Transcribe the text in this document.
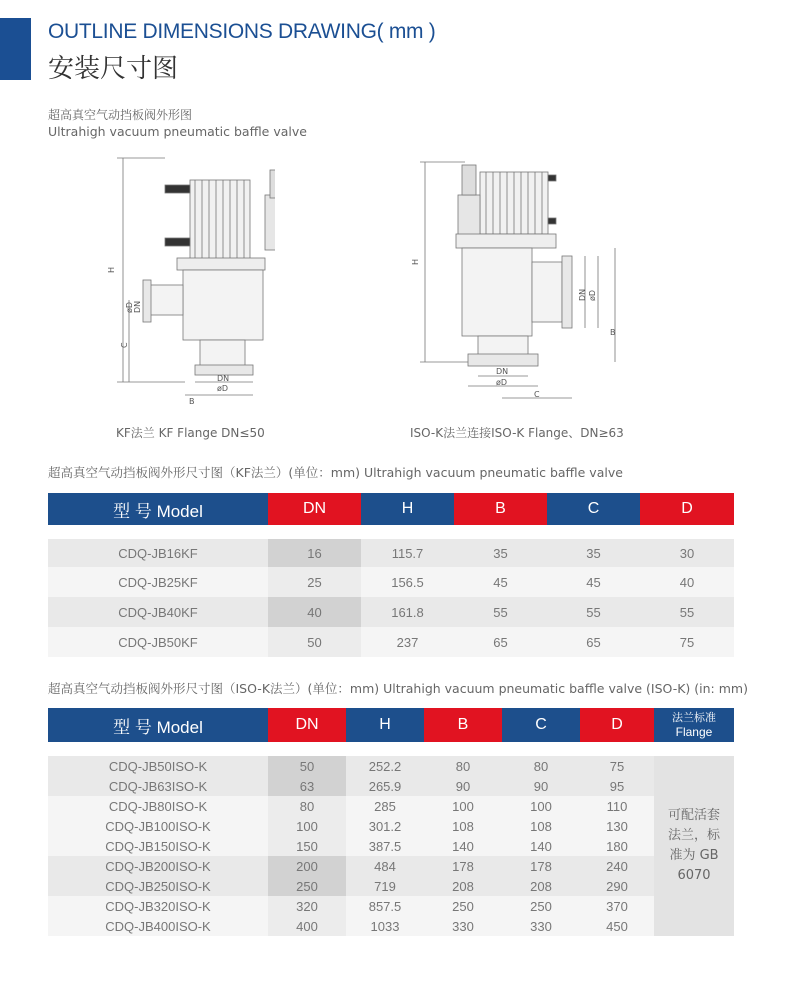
OUTLINE DIMENSIONS DRAWING( mm )
安装尺寸图
超高真空气动挡板阀外形图
Ultrahigh vacuum pneumatic baffle valve
H
C
øD DN
DN
øD
B
KF法兰 KF Flange DN≤50
H
DN øD
DN
øD
C
B
ISO-K法兰连接ISO-K Flange、DN≥63
超高真空气动挡板阀外形尺寸图（KF法兰）(单位：mm) Ultrahigh vacuum pneumatic baffle valve
型 号 Model	DN	H	B	C	D
CDQ-JB16KF	16	115.7	35	35	30
CDQ-JB25KF	25	156.5	45	45	40
CDQ-JB40KF	40	161.8	55	55	55
CDQ-JB50KF	50	237	65	65	75
超高真空气动挡板阀外形尺寸图（ISO-K法兰）(单位：mm) Ultrahigh vacuum pneumatic baffle valve (ISO-K) (in: mm)
型 号 Model	DN	H	B	C	D	法兰标准
Flange
CDQ-JB50ISO-K	50	252.2	80	80	75
CDQ-JB63ISO-K	63	265.9	90	90	95
CDQ-JB80ISO-K	80	285	100	100	110
CDQ-JB100ISO-K	100	301.2	108	108	130
CDQ-JB150ISO-K	150	387.5	140	140	180
CDQ-JB200ISO-K	200	484	178	178	240
CDQ-JB250ISO-K	250	719	208	208	290
CDQ-JB320ISO-K	320	857.5	250	250	370
CDQ-JB400ISO-K	400	1033	330	330	450
可配活套法兰，标准为 GB 6070
